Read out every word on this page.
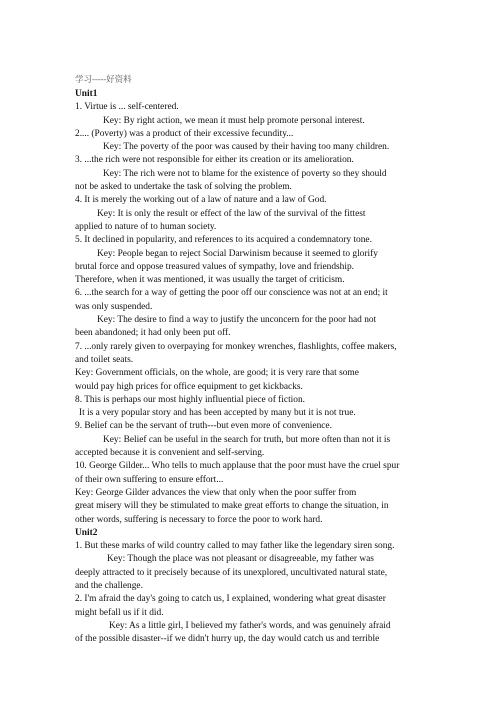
学习-----好资料
Unit1
1. Virtue is ... self-centered.
Key: By right action, we mean it must help promote personal interest.
2.... (Poverty) was a product of their excessive fecundity...
Key: The poverty of the poor was caused by their having too many children.
3. ...the rich were not responsible for either its creation or its amelioration.
Key: The rich were not to blame for the existence of poverty so they should
not be asked to undertake the task of solving the problem.
4. It is merely the working out of a law of nature and a law of God.
Key: It is only the result or effect of the law of the survival of the fittest
applied to nature of to human society.
5. It declined in popularity, and references to its acquired a condemnatory tone.
Key: People began to reject Social Darwinism because it seemed to glorify
brutal force and oppose treasured values of sympathy, love and friendship.
Therefore, when it was mentioned, it was usually the target of criticism.
6. ...the search for a way of getting the poor off our conscience was not at an end; it
was only suspended.
Key: The desire to find a way to justify the unconcern for the poor had not
been abandoned; it had only been put off.
7. ...only rarely given to overpaying for monkey wrenches, flashlights, coffee makers,
and toilet seats.
Key: Government officials, on the whole, are good; it is very rare that some
would pay high prices for office equipment to get kickbacks.
8. This is perhaps our most highly influential piece of fiction.
It is a very popular story and has been accepted by many but it is not true.
9. Belief can be the servant of truth---but even more of convenience.
Key: Belief can be useful in the search for truth, but more often than not it is
accepted because it is convenient and self-serving.
10. George Gilder... Who tells to much applause that the poor must have the cruel spur
of their own suffering to ensure effort...
Key: George Gilder advances the view that only when the poor suffer from
great misery will they be stimulated to make great efforts to change the situation, in
other words, suffering is necessary to force the poor to work hard.
Unit2
1. But these marks of wild country called to may father like the legendary siren song.
Key: Though the place was not pleasant or disagreeable, my father was
deeply attracted to it precisely because of its unexplored, uncultivated natural state,
and the challenge.
2. I'm afraid the day's going to catch us, I explained, wondering what great disaster
might befall us if it did.
Key: As a little girl, I believed my father's words, and was genuinely afraid
of the possible disaster--if we didn't hurry up, the day would catch us and terrible
